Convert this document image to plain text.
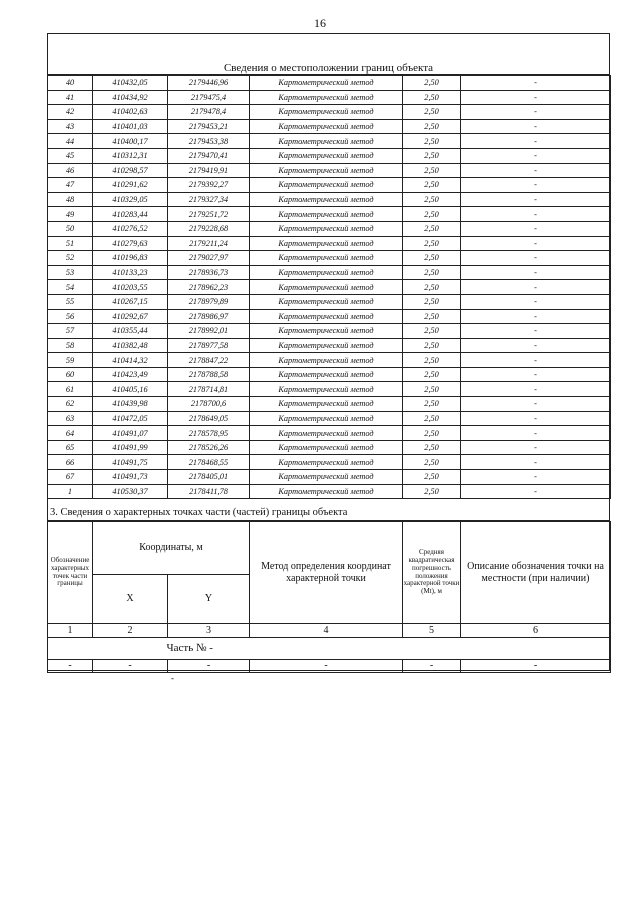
16
Сведения о местоположении границ объекта
40	410432,05	2179446,96	Картометрический метод	2,50	-
41	410434,92	2179475,4	Картометрический метод	2,50	-
42	410402,63	2179478,4	Картометрический метод	2,50	-
43	410401,03	2179453,21	Картометрический метод	2,50	-
44	410400,17	2179453,38	Картометрический метод	2,50	-
45	410312,31	2179470,41	Картометрический метод	2,50	-
46	410298,57	2179419,91	Картометрический метод	2,50	-
47	410291,62	2179392,27	Картометрический метод	2,50	-
48	410329,05	2179327,34	Картометрический метод	2,50	-
49	410283,44	2179251,72	Картометрический метод	2,50	-
50	410276,52	2179228,68	Картометрический метод	2,50	-
51	410279,63	2179211,24	Картометрический метод	2,50	-
52	410196,83	2179027,97	Картометрический метод	2,50	-
53	410133,23	2178936,73	Картометрический метод	2,50	-
54	410203,55	2178962,23	Картометрический метод	2,50	-
55	410267,15	2178979,89	Картометрический метод	2,50	-
56	410292,67	2178986,97	Картометрический метод	2,50	-
57	410355,44	2178992,01	Картометрический метод	2,50	-
58	410382,48	2178977,58	Картометрический метод	2,50	-
59	410414,32	2178847,22	Картометрический метод	2,50	-
60	410423,49	2178788,58	Картометрический метод	2,50	-
61	410405,16	2178714,81	Картометрический метод	2,50	-
62	410439,98	2178700,6	Картометрический метод	2,50	-
63	410472,05	2178649,05	Картометрический метод	2,50	-
64	410491,07	2178578,95	Картометрический метод	2,50	-
65	410491,99	2178526,26	Картометрический метод	2,50	-
66	410491,75	2178468,55	Картометрический метод	2,50	-
67	410491,73	2178405,01	Картометрический метод	2,50	-
1	410530,37	2178411,78	Картометрический метод	2,50	-
3. Сведения о характерных точках части (частей) границы объекта
Обозначение характерных точек части границы	Координаты, м		Метод определения координат характерной точки	Средняя квадратическая погрешность положения характерной точки (Mt), м	Описание обозначения точки на местности (при наличии)
	X	Y			
1	2	3	4	5	6
	Часть № -				
-	-	-	-	-	-
-
